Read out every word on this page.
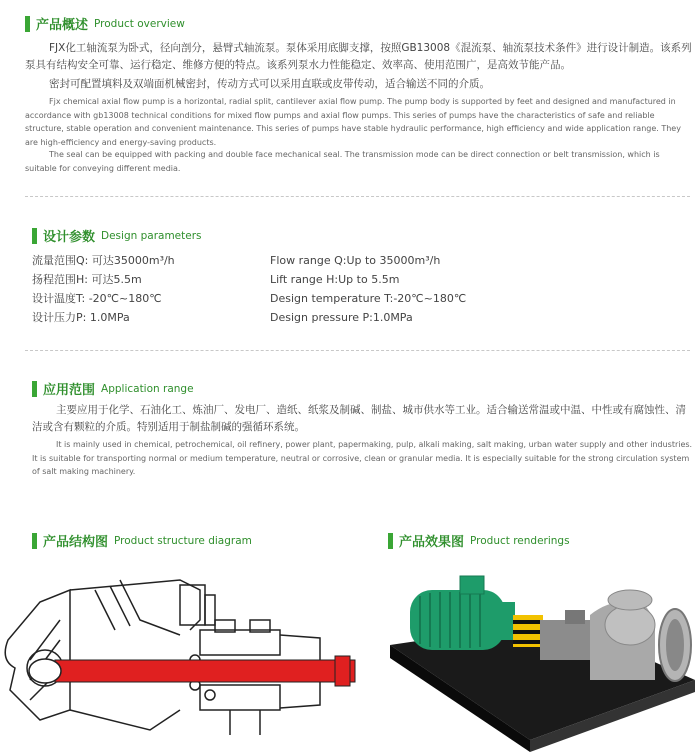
产品概述 Product overview
FJX化工轴流泵为卧式，径向剖分，悬臂式轴流泵。泵体采用底脚支撑，按照GB13008《混流泵、轴流泵技术条件》进行设计制造。该系列泵具有结构安全可靠、运行稳定、维修方便的特点。该系列泵水力性能稳定、效率高、使用范围广，是高效节能产品。
密封可配置填料及双端面机械密封，传动方式可以采用直联或皮带传动，适合输送不同的介质。
Fjx chemical axial flow pump is a horizontal, radial split, cantilever axial flow pump. The pump body is supported by feet and designed and manufactured in accordance with gb13008 technical conditions for mixed flow pumps and axial flow pumps. This series of pumps have the characteristics of safe and reliable structure, stable operation and convenient maintenance. This series of pumps have stable hydraulic performance, high efficiency and wide application range. They are high-efficiency and energy-saving products.
The seal can be equipped with packing and double face mechanical seal. The transmission mode can be direct connection or belt transmission, which is suitable for conveying different media.
设计参数 Design parameters
流量范围Q: 可达35000m³/h
扬程范围H: 可达5.5m
设计温度T: -20℃~180℃
设计压力P: 1.0MPa
Flow range Q:Up to 35000m³/h
Lift range H:Up to 5.5m
Design temperature T:-20℃~180℃
Design pressure P:1.0MPa
应用范围 Application range
主要应用于化学、石油化工、炼油厂、发电厂、造纸、纸浆及制碱、制盐、城市供水等工业。适合输送常温或中温、中性或有腐蚀性、清洁或含有颗粒的介质。特别适用于制盐制碱的强循环系统。
It is mainly used in chemical, petrochemical, oil refinery, power plant, papermaking, pulp, alkali making, salt making, urban water supply and other industries. It is suitable for transporting normal or medium temperature, neutral or corrosive, clean or granular media. It is especially suitable for the strong circulation system of salt making machinery.
产品结构图 Product structure diagram	产品效果图 Product renderings
